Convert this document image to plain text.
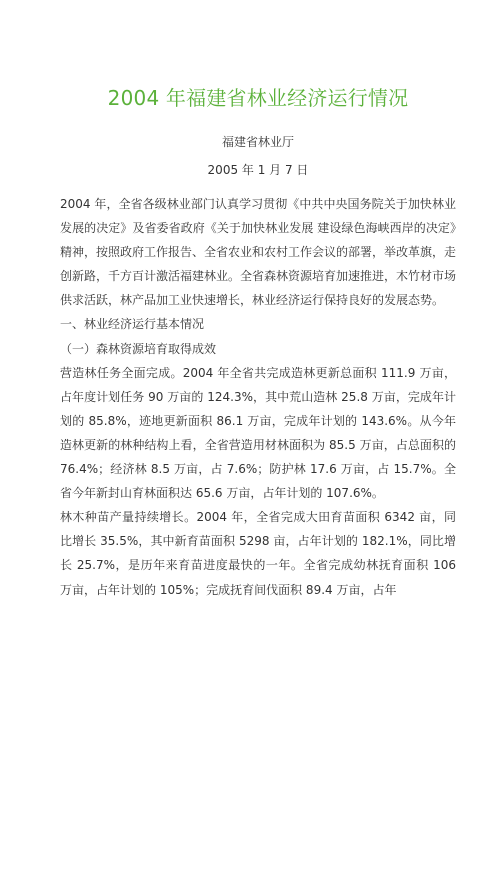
2004 年福建省林业经济运行情况
福建省林业厅
2005 年 1 月 7 日

2004 年，全省各级林业部门认真学习贯彻《中共中央国务院关于加快林业发展的决定》及省委省政府《关于加快林业发展 建设绿色海峡西岸的决定》精神，按照政府工作报告、全省农业和农村工作会议的部署，举改革旗，走创新路，千方百计激活福建林业。全省森林资源培育加速推进，木竹材市场供求活跃，林产品加工业快速增长，林业经济运行保持良好的发展态势。

一、林业经济运行基本情况

（一）森林资源培育取得成效

营造林任务全面完成。2004 年全省共完成造林更新总面积 111.9 万亩，占年度计划任务 90 万亩的 124.3%，其中荒山造林 25.8 万亩，完成年计划的 85.8%，迹地更新面积 86.1 万亩，完成年计划的 143.6%。从今年造林更新的林种结构上看，全省营造用材林面积为 85.5 万亩，占总面积的 76.4%；经济林 8.5 万亩，占 7.6%；防护林 17.6 万亩，占 15.7%。全省今年新封山育林面积达 65.6 万亩，占年计划的 107.6%。

林木种苗产量持续增长。2004 年，全省完成大田育苗面积 6342 亩，同比增长 35.5%，其中新育苗面积 5298 亩，占年计划的 182.1%，同比增长 25.7%，是历年来育苗进度最快的一年。全省完成幼林抚育面积 106 万亩，占年计划的 105%；完成抚育间伐面积 89.4 万亩，占年
